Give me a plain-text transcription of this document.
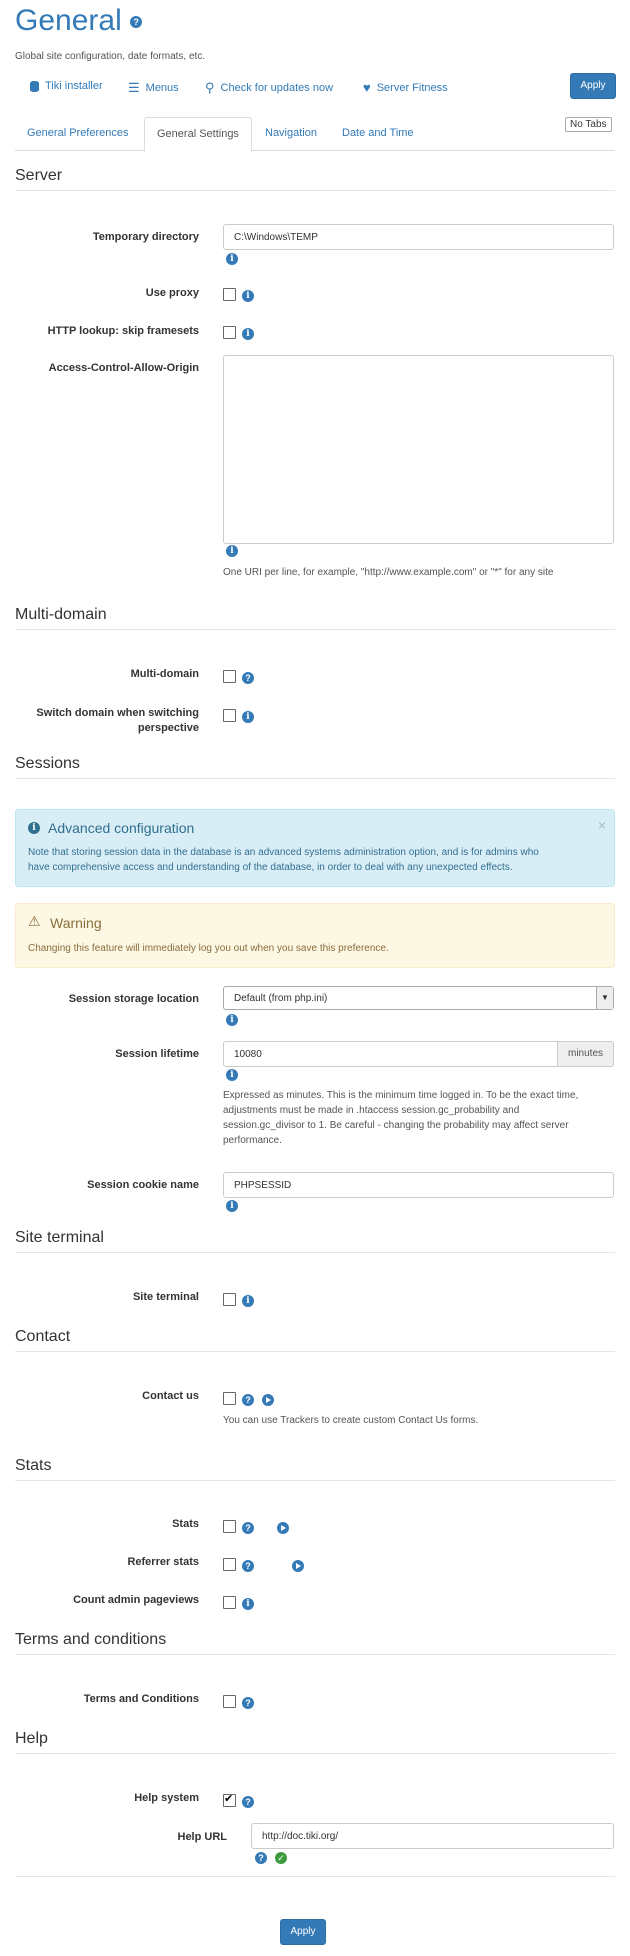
General ?
Global site configuration, date formats, etc.
Tiki installer ☰ Menus ⚲ Check for updates now ♥ Server Fitness	Apply
General Preferences	General Settings	Navigation	Date and Time
No Tabs
Server
Temporary directory	C:\Windows\TEMP
i
Use proxy	i
HTTP lookup: skip framesets	i
Access-Control-Allow-Origin
i
One URI per line, for example, "http://www.example.com" or "*" for any site
Multi-domain
Multi-domain	?
Switch domain when switching
perspective
i
Sessions
i Advanced configuration	×
Note that storing session data in the database is an advanced systems administration option, and is for admins who
have comprehensive access and understanding of the database, in order to deal with any unexpected effects.
⚠ Warning
Changing this feature will immediately log you out when you save this preference.
Session storage location	Default (from php.ini)	▼
i
Session lifetime	10080	minutes
i
Expressed as minutes. This is the minimum time logged in. To be the exact time,
adjustments must be made in .htaccess session.gc_probability and
session.gc_divisor to 1. Be careful - changing the probability may affect server
performance.
Session cookie name	PHPSESSID
i
Site terminal
Site terminal	i
Contact
Contact us	?

You can use Trackers to create custom Contact Us forms.
Stats
Stats	?

Referrer stats	?
Count admin pageviews	i
Terms and conditions
Terms and Conditions	?
Help
Help system
✔	?
Help URL	http://doc.tiki.org/
?	✓
Apply
